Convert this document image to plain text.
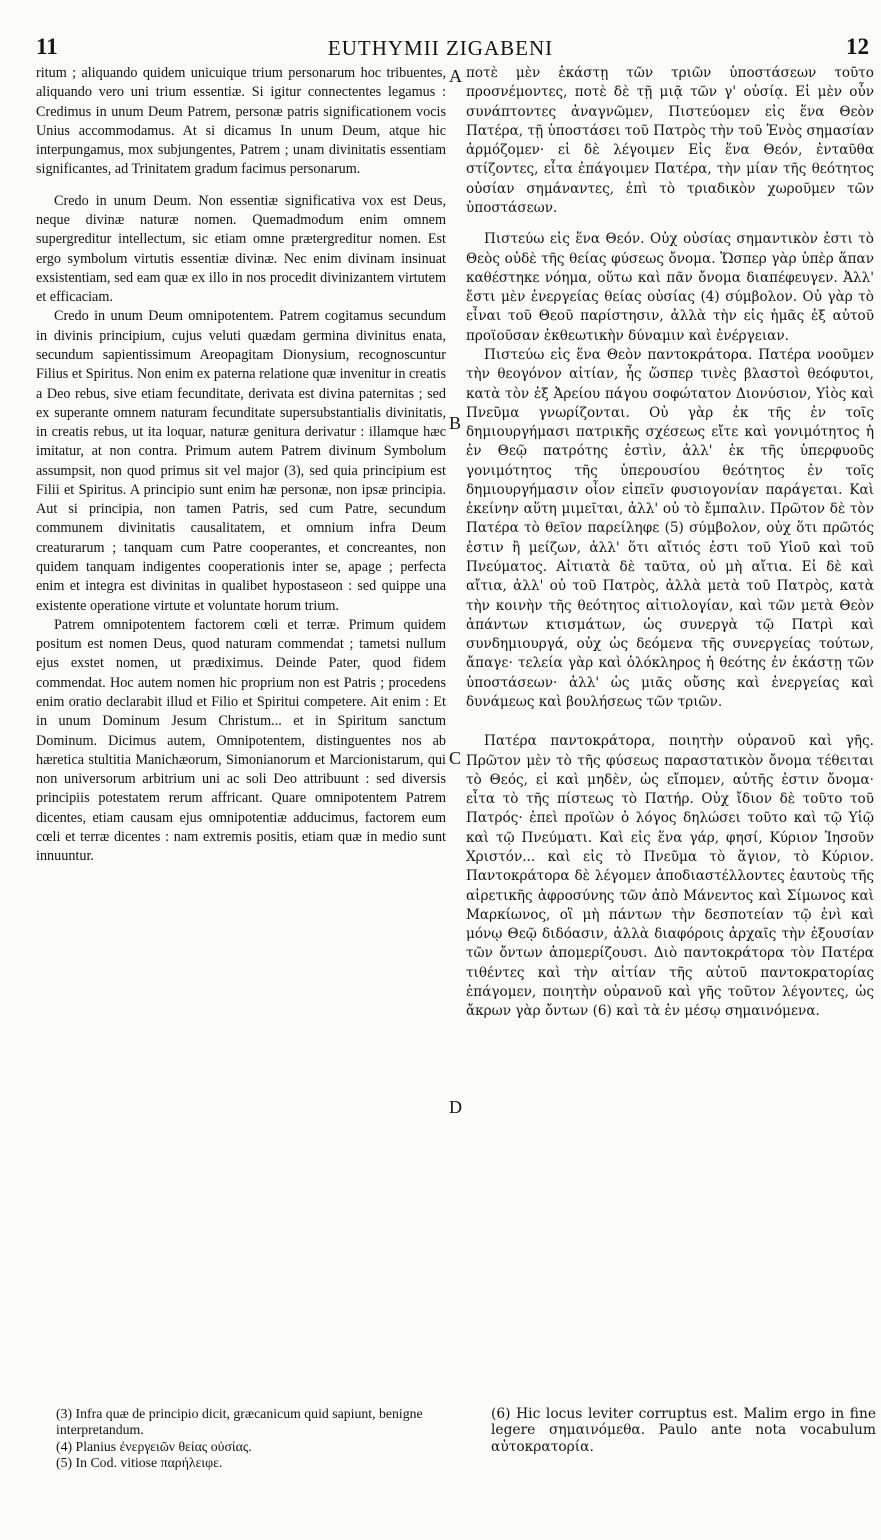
11	EUTHYMII ZIGABENI	12

ritum ; aliquando quidem unicuique trium personarum hoc tribuentes, aliquando vero uni trium essentiæ. Si igitur connectentes legamus : Credimus in unum Deum Patrem, personæ patris significationem vocis Unius accommodamus. At si dicamus In unum Deum, atque hic interpungamus, mox subjungentes, Patrem ; unam divinitatis essentiam significantes, ad Trinitatem gradum facimus personarum.

Credo in unum Deum. Non essentiæ significativa vox est Deus, neque divinæ naturæ nomen. Quemadmodum enim omnem supergreditur intellectum, sic etiam omne prætergreditur nomen. Est ergo symbolum virtutis essentiæ divinæ. Nec enim divinam insinuat exsistentiam, sed eam quæ ex illo in nos procedit divinizantem virtutem et efficaciam.

Credo in unum Deum omnipotentem. Patrem cogitamus secundum in divinis principium, cujus veluti quædam germina divinitus enata, secundum sapientissimum Areopagitam Dionysium, recognoscuntur Filius et Spiritus. Non enim ex paterna relatione quæ invenitur in creatis a Deo rebus, sive etiam fecunditate, derivata est divina paternitas ; sed ex superante omnem naturam fecunditate supersubstantialis divinitatis, in creatis rebus, ut ita loquar, naturæ genitura derivatur : illamque hæc imitatur, at non contra. Primum autem Patrem divinum Symbolum assumpsit, non quod primus sit vel major (3), sed quia principium est Filii et Spiritus. A principio sunt enim hæ personæ, non ipsæ principia. Aut si principia, non tamen Patris, sed cum Patre, secundum communem divinitatis causalitatem, et omnium infra Deum creaturarum ; tanquam cum Patre cooperantes, et concreantes, non quidem tanquam indigentes cooperationis inter se, apage ; perfecta enim et integra est divinitas in qualibet hypostaseon : sed quippe una existente operatione virtute et voluntate horum trium.

Patrem omnipotentem factorem cœli et terræ. Primum quidem positum est nomen Deus, quod naturam commendat ; tametsi nullum ejus exstet nomen, ut prædiximus. Deinde Pater, quod fidem commendat. Hoc autem nomen hic proprium non est Patris ; procedens enim oratio declarabit illud et Filio et Spiritui competere. Ait enim : Et in unum Dominum Jesum Christum... et in Spiritum sanctum Dominum. Dicimus autem, Omnipotentem, distinguentes nos ab hæretica stultitia Manichæorum, Simonianorum et Marcionistarum, qui non universorum arbitrium uni ac soli Deo attribuunt : sed diversis principiis potestatem rerum affricant. Quare omnipotentem Patrem dicentes, etiam causam ejus omnipotentiæ adducimus, factorem eum cœli et terræ dicentes : nam extremis positis, etiam quæ in medio sunt innuuntur.

ποτὲ μὲν ἑκάστῃ τῶν τριῶν ὑποστάσεων τοῦτο προσνέμοντες, ποτὲ δὲ τῇ μιᾷ τῶν γ' οὐσίᾳ. Εἰ μὲν οὖν συνάπτοντες ἀναγνῶμεν, Πιστεύομεν εἰς ἕνα Θεὸν Πατέρα, τῇ ὑποστάσει τοῦ Πατρὸς τὴν τοῦ Ἑνὸς σημασίαν ἁρμόζομεν· εἰ δὲ λέγοιμεν Εἰς ἕνα Θεόν, ἐνταῦθα στίζοντες, εἶτα ἐπάγοιμεν Πατέρα, τὴν μίαν τῆς θεότητος οὐσίαν σημάναντες, ἐπὶ τὸ τριαδικὸν χωροῦμεν τῶν ὑποστάσεων.

Πιστεύω εἰς ἕνα Θεόν. Οὐχ οὐσίας σημαντικὸν ἐστι τὸ Θεὸς οὐδὲ τῆς θείας φύσεως ὄνομα. Ὥσπερ γὰρ ὑπὲρ ἅπαν καθέστηκε νόημα, οὕτω καὶ πᾶν ὄνομα διαπέφευγεν. Ἀλλ' ἔστι μὲν ἐνεργείας θείας οὐσίας (4) σύμβολον. Οὐ γὰρ τὸ εἶναι τοῦ Θεοῦ παρίστησιν, ἀλλὰ τὴν εἰς ἡμᾶς ἐξ αὐτοῦ προϊοῦσαν ἐκθεωτικὴν δύναμιν καὶ ἐνέργειαν.

Πιστεύω εἰς ἕνα Θεὸν παντοκράτορα. Πατέρα νοοῦμεν τὴν θεογόνον αἰτίαν, ἧς ὥσπερ τινὲς βλαστοὶ θεόφυτοι, κατὰ τὸν ἐξ Ἀρείου πάγου σοφώτατον Διονύσιον, Υἱὸς καὶ Πνεῦμα γνωρίζονται. Οὐ γὰρ ἐκ τῆς ἐν τοῖς δημιουργήμασι πατρικῆς σχέσεως εἴτε καὶ γονιμότητος ἡ ἐν Θεῷ πατρότης ἐστὶν, ἀλλ' ἐκ τῆς ὑπερφυοῦς γονιμότητος τῆς ὑπερουσίου θεότητος ἐν τοῖς δημιουργήμασιν οἷον εἰπεῖν φυσιογονίαν παράγεται. Καὶ ἐκείνην αὕτη μιμεῖται, ἀλλ' οὐ τὸ ἔμπαλιν. Πρῶτον δὲ τὸν Πατέρα τὸ θεῖον παρείληφε (5) σύμβολον, οὐχ ὅτι πρῶτός ἐστιν ἢ μείζων, ἀλλ' ὅτι αἴτιός ἐστι τοῦ Υἱοῦ καὶ τοῦ Πνεύματος. Αἰτιατὰ δὲ ταῦτα, οὐ μὴ αἴτια. Εἰ δὲ καὶ αἴτια, ἀλλ' οὐ τοῦ Πατρὸς, ἀλλὰ μετὰ τοῦ Πατρὸς, κατὰ τὴν κοινὴν τῆς θεότητος αἰτιολογίαν, καὶ τῶν μετὰ Θεὸν ἁπάντων κτισμάτων, ὡς συνεργὰ τῷ Πατρὶ καὶ συνδημιουργά, οὐχ ὡς δεόμενα τῆς συνεργείας τούτων, ἄπαγε· τελεία γὰρ καὶ ὁλόκληρος ἡ θεότης ἐν ἑκάστῃ τῶν ὑποστάσεων· ἀλλ' ὡς μιᾶς οὔσης καὶ ἐνεργείας καὶ δυνάμεως καὶ βουλήσεως τῶν τριῶν.

Πατέρα παντοκράτορα, ποιητὴν οὐρανοῦ καὶ γῆς. Πρῶτον μὲν τὸ τῆς φύσεως παραστατικὸν ὄνομα τέθειται τὸ Θεός, εἰ καὶ μηδὲν, ὡς εἴπομεν, αὐτῆς ἐστιν ὄνομα· εἶτα τὸ τῆς πίστεως τὸ Πατήρ. Οὐχ ἴδιον δὲ τοῦτο τοῦ Πατρός· ἐπεὶ προϊὼν ὁ λόγος δηλώσει τοῦτο καὶ τῷ Υἱῷ καὶ τῷ Πνεύματι. Καὶ εἰς ἕνα γάρ, φησί, Κύριον Ἰησοῦν Χριστόν... καὶ εἰς τὸ Πνεῦμα τὸ ἅγιον, τὸ Κύριον. Παντοκράτορα δὲ λέγομεν ἀποδιαστέλλοντες ἑαυτοὺς τῆς αἱρετικῆς ἀφροσύνης τῶν ἀπὸ Μάνεντος καὶ Σίμωνος καὶ Μαρκίωνος, οἳ μὴ πάντων τὴν δεσποτείαν τῷ ἑνὶ καὶ μόνῳ Θεῷ διδόασιν, ἀλλὰ διαφόροις ἀρχαῖς τὴν ἐξουσίαν τῶν ὄντων ἀπομερίζουσι. Διὸ παντοκράτορα τὸν Πατέρα τιθέντες καὶ τὴν αἰτίαν τῆς αὐτοῦ παντοκρατορίας ἐπάγομεν, ποιητὴν οὐρανοῦ καὶ γῆς τοῦτον λέγοντες, ὡς ἄκρων γὰρ ὄντων (6) καὶ τὰ ἐν μέσῳ σημαινόμενα.

A
B
C
D

(3) Infra quæ de principio dicit, græcanicum quid sapiunt, benigne interpretandum.

(4) Planius ἐνεργειῶν θείας οὐσίας.

(5) In Cod. vitiose παρήλειφε.

(6) Hic locus leviter corruptus est. Malim ergo in fine legere σημαινόμεθα. Paulo ante nota vocabulum αὐτοκρατορία.
